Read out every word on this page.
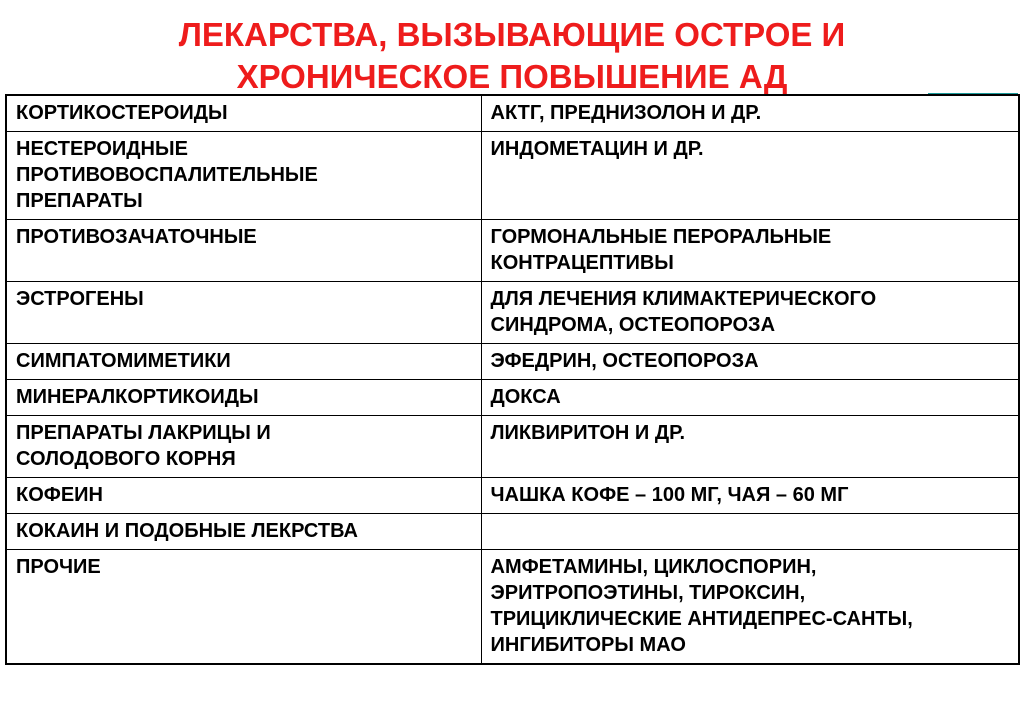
ЛЕКАРСТВА, ВЫЗЫВАЮЩИЕ ОСТРОЕ И
ХРОНИЧЕСКОЕ ПОВЫШЕНИЕ АД
КОРТИКОСТЕРОИДЫ	АКТГ, ПРЕДНИЗОЛОН И ДР.

НЕСТЕРОИДНЫЕ
ПРОТИВОВОСПАЛИТЕЛЬНЫЕ
ПРЕПАРАТЫ	ИНДОМЕТАЦИН И ДР.

ПРОТИВОЗАЧАТОЧНЫЕ	ГОРМОНАЛЬНЫЕ ПЕРОРАЛЬНЫЕ
КОНТРАЦЕПТИВЫ

ЭСТРОГЕНЫ	ДЛЯ ЛЕЧЕНИЯ КЛИМАКТЕРИЧЕСКОГО
СИНДРОМА, ОСТЕОПОРОЗА

СИМПАТОМИМЕТИКИ	ЭФЕДРИН, ОСТЕОПОРОЗА

МИНЕРАЛКОРТИКОИДЫ	ДОКСА

ПРЕПАРАТЫ ЛАКРИЦЫ И
СОЛОДОВОГО КОРНЯ	ЛИКВИРИТОН И ДР.

КОФЕИН	ЧАШКА КОФЕ – 100 МГ, ЧАЯ – 60 МГ

КОКАИН И ПОДОБНЫЕ ЛЕКРСТВА	

ПРОЧИЕ	АМФЕТАМИНЫ, ЦИКЛОСПОРИН,
ЭРИТРОПОЭТИНЫ, ТИРОКСИН,
ТРИЦИКЛИЧЕСКИЕ АНТИДЕПРЕС-САНТЫ,
ИНГИБИТОРЫ МАО
